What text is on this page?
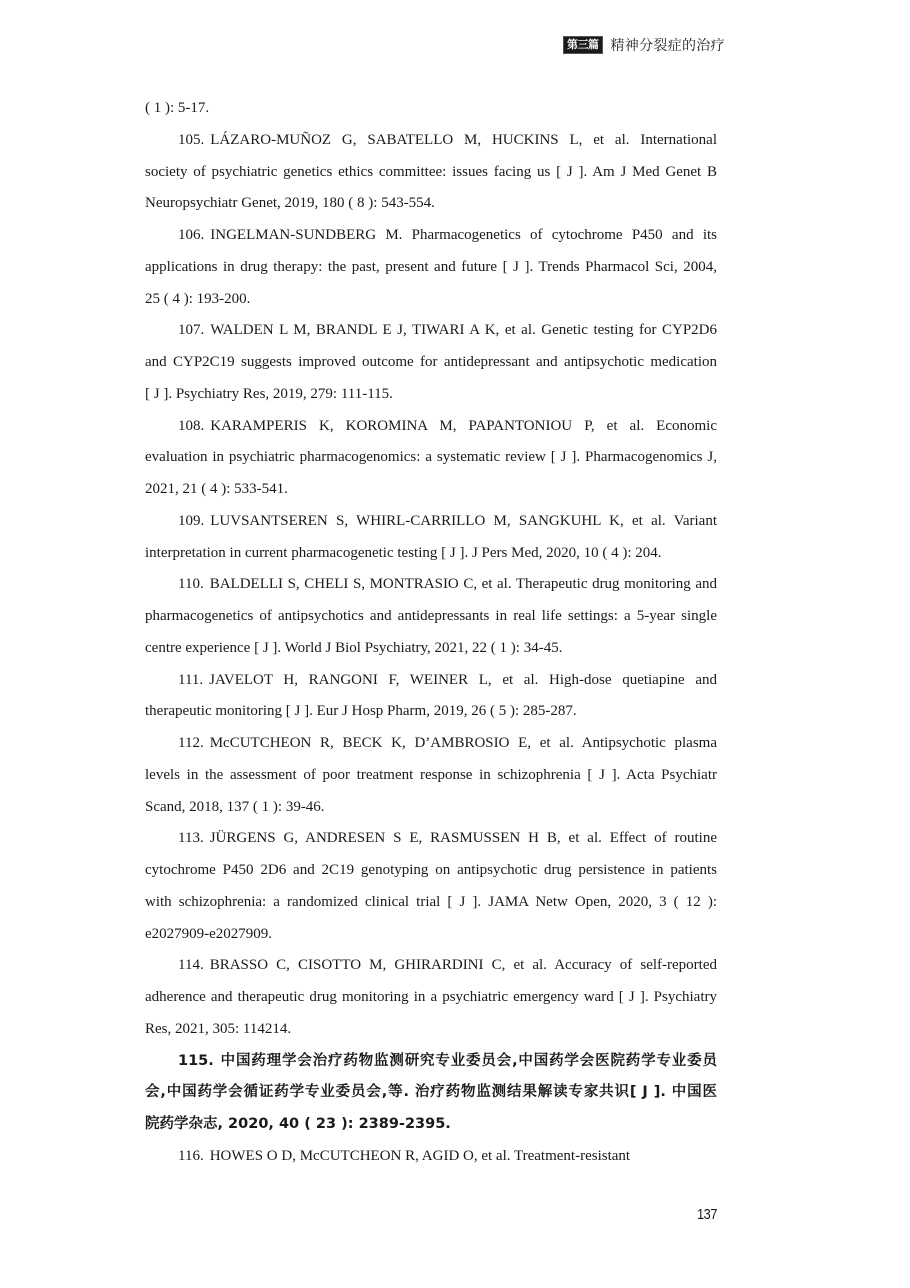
第三篇 精神分裂症的治疗
( 1 ): 5-17.
105. LÁZARO-MUÑOZ G, SABATELLO M, HUCKINS L, et al. International
society of psychiatric genetics ethics committee: issues facing us [ J ]. Am J Med Genet B
Neuropsychiatr Genet, 2019, 180 ( 8 ): 543-554.
106. INGELMAN-SUNDBERG M. Pharmacogenetics of cytochrome P450 and its
applications in drug therapy: the past, present and future [ J ]. Trends Pharmacol Sci, 2004,
25 ( 4 ): 193-200.
107. WALDEN L M, BRANDL E J, TIWARI A K, et al. Genetic testing for CYP2D6
and CYP2C19 suggests improved outcome for antidepressant and antipsychotic medication
[ J ]. Psychiatry Res, 2019, 279: 111-115.
108. KARAMPERIS K, KOROMINA M, PAPANTONIOU P, et al. Economic
evaluation in psychiatric pharmacogenomics: a systematic review [ J ]. Pharmacogenomics J,
2021, 21 ( 4 ): 533-541.
109. LUVSANTSEREN S, WHIRL-CARRILLO M, SANGKUHL K, et al. Variant
interpretation in current pharmacogenetic testing [ J ]. J Pers Med, 2020, 10 ( 4 ): 204.
110. BALDELLI S, CHELI S, MONTRASIO C, et al. Therapeutic drug monitoring and
pharmacogenetics of antipsychotics and antidepressants in real life settings: a 5-year single
centre experience [ J ]. World J Biol Psychiatry, 2021, 22 ( 1 ): 34-45.
111. JAVELOT H, RANGONI F, WEINER L, et al. High-dose quetiapine and
therapeutic monitoring [ J ]. Eur J Hosp Pharm, 2019, 26 ( 5 ): 285-287.
112. McCUTCHEON R, BECK K, D’AMBROSIO E, et al. Antipsychotic plasma
levels in the assessment of poor treatment response in schizophrenia [ J ]. Acta Psychiatr
Scand, 2018, 137 ( 1 ): 39-46.
113. JÜRGENS G, ANDRESEN S E, RASMUSSEN H B, et al. Effect of routine
cytochrome P450 2D6 and 2C19 genotyping on antipsychotic drug persistence in patients
with schizophrenia: a randomized clinical trial [ J ]. JAMA Netw Open, 2020, 3 ( 12 ):
e2027909-e2027909.
114. BRASSO C, CISOTTO M, GHIRARDINI C, et al. Accuracy of self-reported
adherence and therapeutic drug monitoring in a psychiatric emergency ward [ J ]. Psychiatry
Res, 2021, 305: 114214.
115. 中国药理学会治疗药物监测研究专业委员会,中国药学会医院药学专业委员
会,中国药学会循证药学专业委员会,等. 治疗药物监测结果解读专家共识[ J ]. 中国医
院药学杂志, 2020, 40 ( 23 ): 2389-2395.
116. HOWES O D, McCUTCHEON R, AGID O, et al. Treatment-resistant
137
